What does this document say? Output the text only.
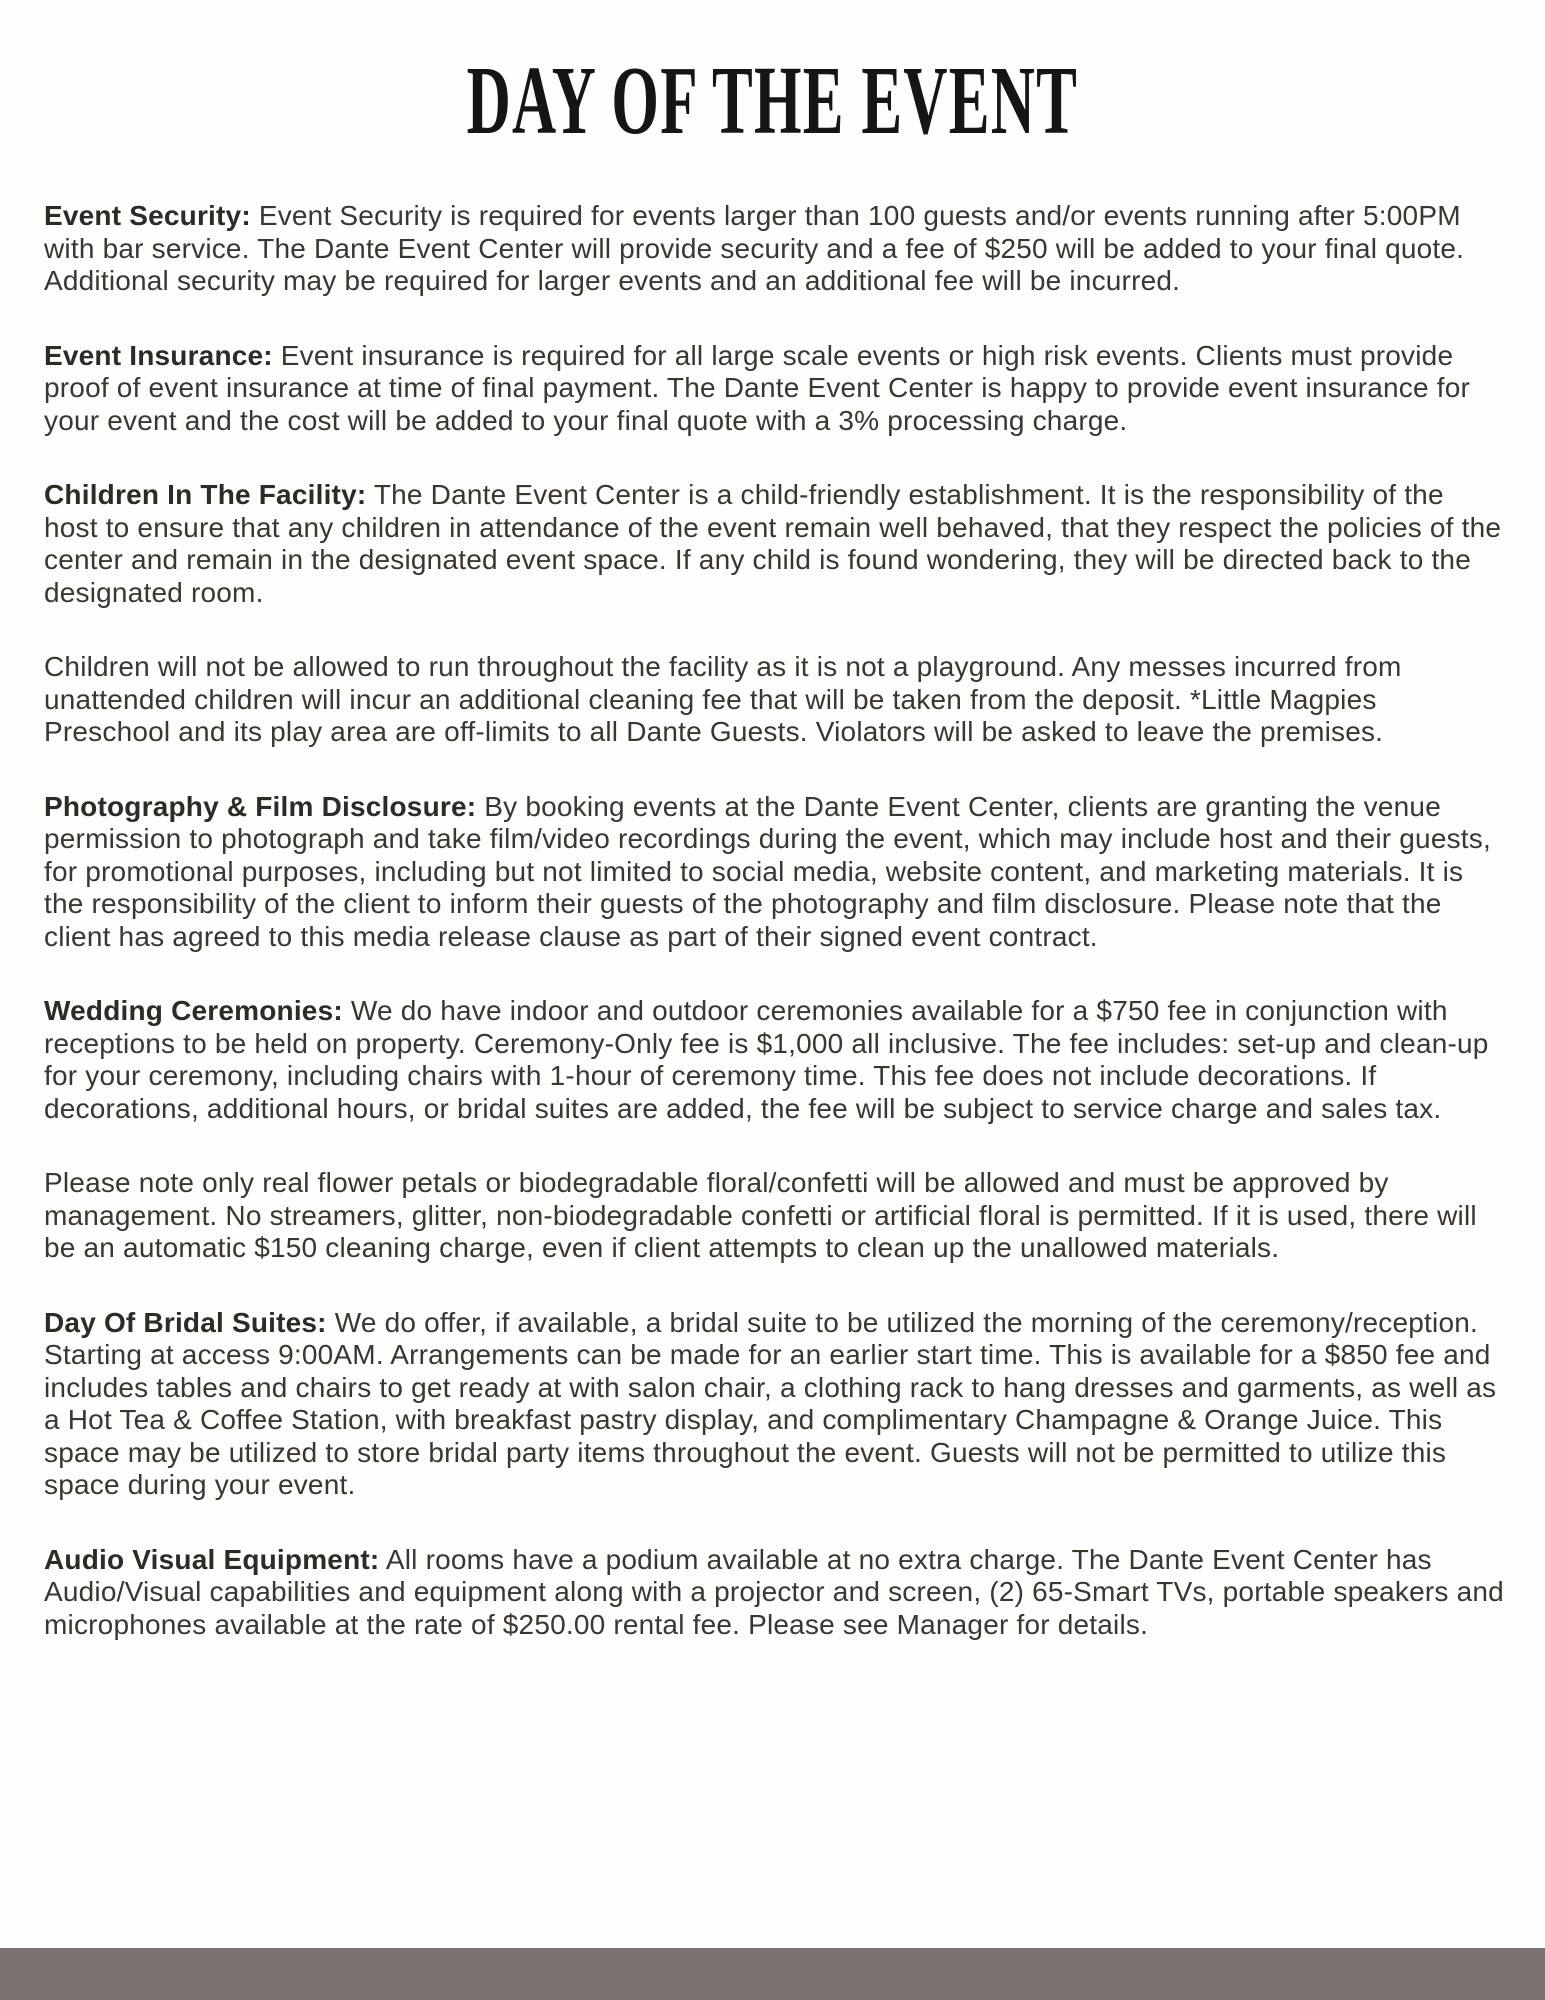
DAY OF THE EVENT

Event Security: Event Security is required for events larger than 100 guests and/or events running after 5:00PM with bar service. The Dante Event Center will provide security and a fee of $250 will be added to your final quote. Additional security may be required for larger events and an additional fee will be incurred.

Event Insurance: Event insurance is required for all large scale events or high risk events. Clients must provide proof of event insurance at time of final payment. The Dante Event Center is happy to provide event insurance for your event and the cost will be added to your final quote with a 3% processing charge.

Children In The Facility: The Dante Event Center is a child-friendly establishment. It is the responsibility of the host to ensure that any children in attendance of the event remain well behaved, that they respect the policies of the center and remain in the designated event space. If any child is found wondering, they will be directed back to the designated room.

Children will not be allowed to run throughout the facility as it is not a playground. Any messes incurred from unattended children will incur an additional cleaning fee that will be taken from the deposit. *Little Magpies Preschool and its play area are off-limits to all Dante Guests. Violators will be asked to leave the premises.

Photography & Film Disclosure: By booking events at the Dante Event Center, clients are granting the venue permission to photograph and take film/video recordings during the event, which may include host and their guests, for promotional purposes, including but not limited to social media, website content, and marketing materials. It is the responsibility of the client to inform their guests of the photography and film disclosure. Please note that the client has agreed to this media release clause as part of their signed event contract.

Wedding Ceremonies: We do have indoor and outdoor ceremonies available for a $750 fee in conjunction with receptions to be held on property. Ceremony-Only fee is $1,000 all inclusive. The fee includes: set-up and clean-up for your ceremony, including chairs with 1-hour of ceremony time. This fee does not include decorations. If decorations, additional hours, or bridal suites are added, the fee will be subject to service charge and sales tax.

Please note only real flower petals or biodegradable floral/confetti will be allowed and must be approved by management. No streamers, glitter, non-biodegradable confetti or artificial floral is permitted. If it is used, there will be an automatic $150 cleaning charge, even if client attempts to clean up the unallowed materials.

Day Of Bridal Suites: We do offer, if available, a bridal suite to be utilized the morning of the ceremony/reception. Starting at access 9:00AM. Arrangements can be made for an earlier start time. This is available for a $850 fee and includes tables and chairs to get ready at with salon chair, a clothing rack to hang dresses and garments, as well as a Hot Tea & Coffee Station, with breakfast pastry display, and complimentary Champagne & Orange Juice. This space may be utilized to store bridal party items throughout the event. Guests will not be permitted to utilize this space during your event.

Audio Visual Equipment: All rooms have a podium available at no extra charge. The Dante Event Center has Audio/Visual capabilities and equipment along with a projector and screen, (2) 65-Smart TVs, portable speakers and microphones available at the rate of $250.00 rental fee. Please see Manager for details.
